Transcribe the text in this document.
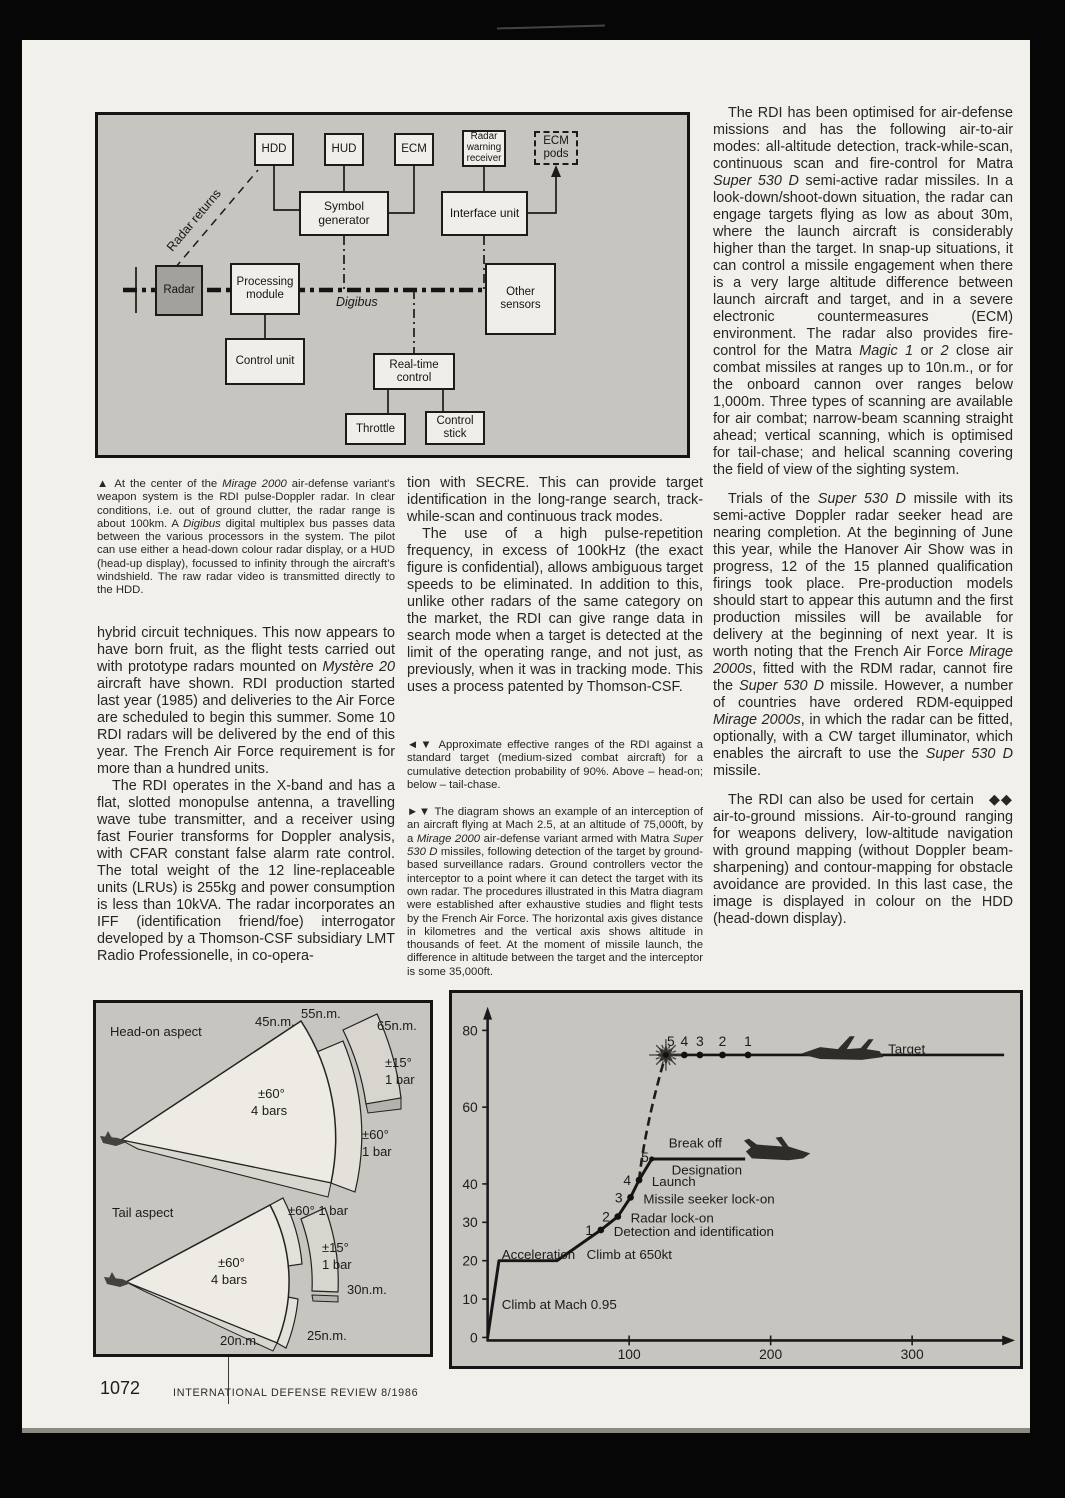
HDD	HUD	ECM
Radar warning receiver
ECM pods
Symbol generator	Interface unit
Radar
Processing module	Other sensors
Control unit	Real-time control
Throttle
Control stick
Digibus
Radar returns

▲ At the center of the Mirage 2000 air-defense variant's weapon system is the RDI pulse-Doppler radar. In clear conditions, i.e. out of ground clutter, the radar range is about 100km. A Digibus digital multiplex bus passes data between the various processors in the system. The pilot can use either a head-down colour radar display, or a HUD (head-up display), focussed to infinity through the aircraft's windshield. The raw radar video is transmitted directly to the HDD.

hybrid circuit techniques. This now appears to have born fruit, as the flight tests carried out with prototype radars mounted on Mystère 20 aircraft have shown. RDI production started last year (1985) and deliveries to the Air Force are scheduled to begin this summer. Some 10 RDI radars will be delivered by the end of this year. The French Air Force requirement is for more than a hundred units.

The RDI operates in the X-band and has a flat, slotted monopulse antenna, a travelling wave tube transmitter, and a receiver using fast Fourier transforms for Doppler analysis, with CFAR constant false alarm rate control. The total weight of the 12 line-replaceable units (LRUs) is 255kg and power consumption is less than 10kVA. The radar incorporates an IFF (identification friend/foe) interrogator developed by a Thomson-CSF subsidiary LMT Radio Professionelle, in co-opera-

tion with SECRE. This can provide target identification in the long-range search, track-while-scan and continuous track modes.

The use of a high pulse-repetition frequency, in excess of 100kHz (the exact figure is confidential), allows ambiguous target speeds to be eliminated. In addition to this, unlike other radars of the same category on the market, the RDI can give range data in search mode when a target is detected at the limit of the operating range, and not just, as previously, when it was in tracking mode. This uses a process patented by Thomson-CSF.

◄▼ Approximate effective ranges of the RDI against a standard target (medium-sized combat aircraft) for a cumulative detection probability of 90%. Above – head-on; below – tail-chase.

►▼ The diagram shows an example of an interception of an aircraft flying at Mach 2.5, at an altitude of 75,000ft, by a Mirage 2000 air-defense variant armed with Matra Super 530 D missiles, following detection of the target by ground-based surveillance radars. Ground controllers vector the interceptor to a point where it can detect the target with its own radar. The procedures illustrated in this Matra diagram were established after exhaustive studies and flight tests by the French Air Force. The horizontal axis gives distance in kilometres and the vertical axis shows altitude in thousands of feet. At the moment of missile launch, the difference in altitude between the target and the interceptor is some 35,000ft.

The RDI has been optimised for air-defense missions and has the following air-to-air modes: all-altitude detection, track-while-scan, continuous scan and fire-control for Matra Super 530 D semi-active radar missiles. In a look-down/shoot-down situation, the radar can engage targets flying as low as about 30m, where the launch aircraft is considerably higher than the target. In snap-up situations, it can control a missile engagement when there is a very large altitude difference between launch aircraft and target, and in a severe electronic countermeasures (ECM) environment. The radar also provides fire-control for the Matra Magic 1 or 2 close air combat missiles at ranges up to 10n.m., or for the onboard cannon over ranges below 1,000m. Three types of scanning are available for air combat; narrow-beam scanning straight ahead; vertical scanning, which is optimised for tail-chase; and helical scanning covering the field of view of the sighting system.

Trials of the Super 530 D missile with its semi-active Doppler radar seeker head are nearing completion. At the beginning of June this year, while the Hanover Air Show was in progress, 12 of the 15 planned qualification firings took place. Pre-production models should start to appear this autumn and the first production missiles will be available for delivery at the beginning of next year. It is worth noting that the French Air Force Mirage 2000s, fitted with the RDM radar, cannot fire the Super 530 D missile. However, a number of countries have ordered RDM-equipped Mirage 2000s, in which the radar can be fitted, optionally, with a CW target illuminator, which enables the aircraft to use the Super 530 D missile.

◆◆
The RDI can also be used for certain air-to-ground missions. Air-to-ground ranging for weapons delivery, low-altitude navigation with ground mapping (without Doppler beam-sharpening) and contour-mapping for obstacle avoidance are provided. In this last case, the image is displayed in colour on the HDD (head-down display).

Head-on aspect
45n.m.
55n.m.
65n.m.
±60°
4 bars
±15°
1 bar
±60°
1 bar
Tail aspect	±60° 1 bar
±15°
1 bar
±60°
4 bars
30n.m.
20n.m.	25n.m.	0
10
20
30
40
60
80
100	200	300
1 Detection and identification
2 Radar lock-on
3 Missile seeker lock-on
4 Launch
5
5 4 3 2 1
Break off
Designation
Acceleration Climb at 650kt
Climb at Mach 0.95
Target
1072	INTERNATIONAL DEFENSE REVIEW 8/1986
